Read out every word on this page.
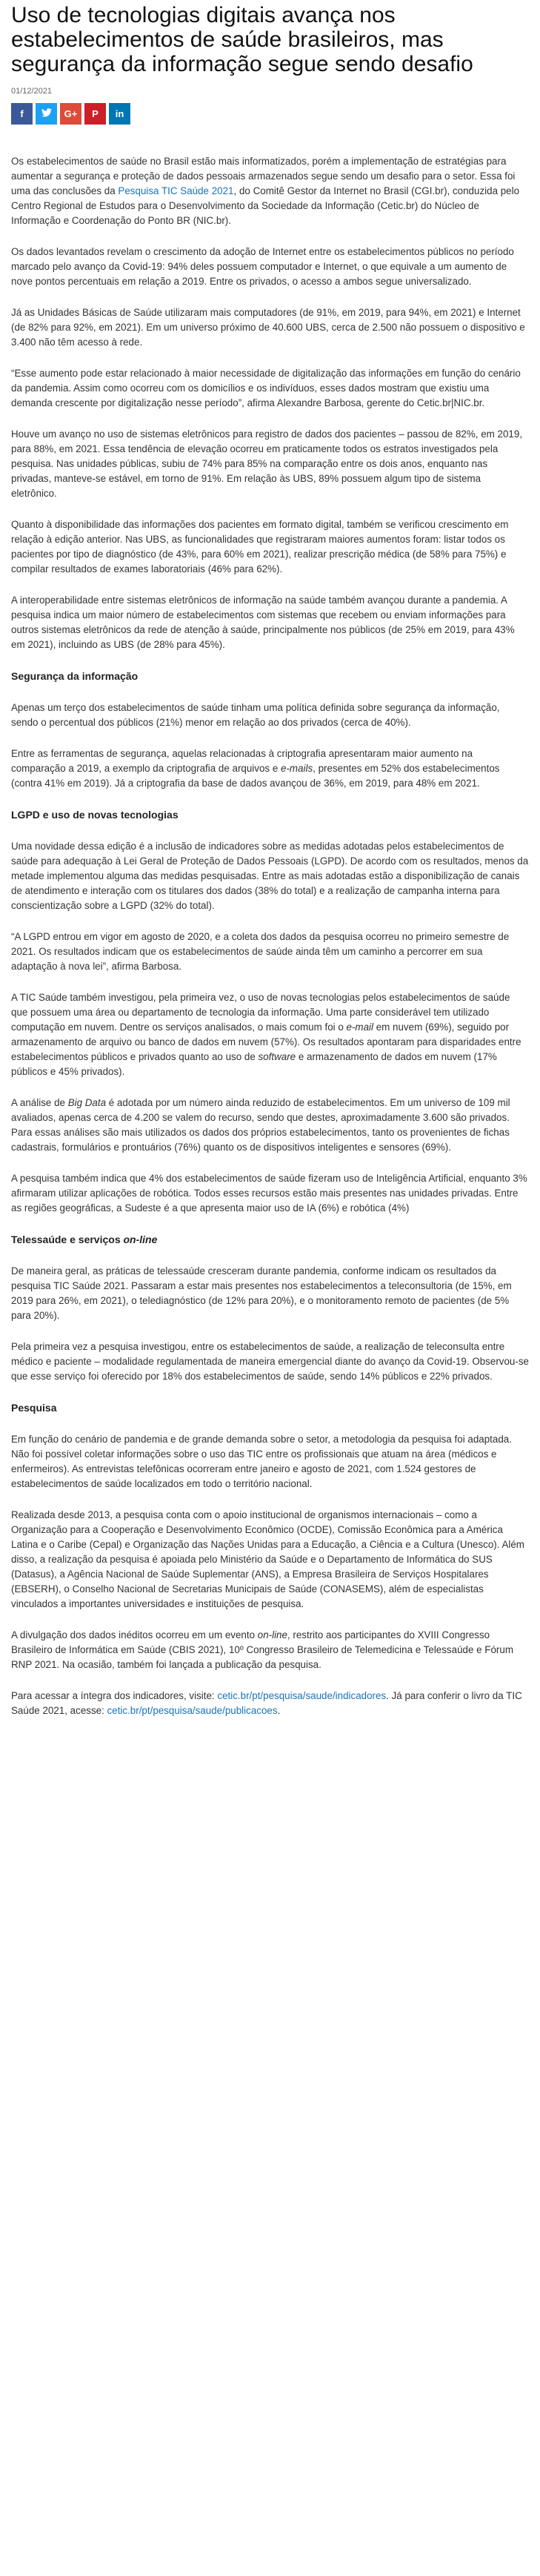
Uso de tecnologias digitais avança nos estabelecimentos de saúde brasileiros, mas segurança da informação segue sendo desafio
01/12/2021
f	G+ P in

Os estabelecimentos de saúde no Brasil estão mais informatizados, porém a implementação de estratégias para aumentar a segurança e proteção de dados pessoais armazenados segue sendo um desafio para o setor. Essa foi uma das conclusões da Pesquisa TIC Saúde 2021, do Comitê Gestor da Internet no Brasil (CGI.br), conduzida pelo Centro Regional de Estudos para o Desenvolvimento da Sociedade da Informação (Cetic.br) do Núcleo de Informação e Coordenação do Ponto BR (NIC.br).

Os dados levantados revelam o crescimento da adoção de Internet entre os estabelecimentos públicos no período marcado pelo avanço da Covid-19: 94% deles possuem computador e Internet, o que equivale a um aumento de nove pontos percentuais em relação a 2019. Entre os privados, o acesso a ambos segue universalizado.

Já as Unidades Básicas de Saúde utilizaram mais computadores (de 91%, em 2019, para 94%, em 2021) e Internet (de 82% para 92%, em 2021). Em um universo próximo de 40.600 UBS, cerca de 2.500 não possuem o dispositivo e 3.400 não têm acesso à rede.

“Esse aumento pode estar relacionado à maior necessidade de digitalização das informações em função do cenário da pandemia. Assim como ocorreu com os domicílios e os indivíduos, esses dados mostram que existiu uma demanda crescente por digitalização nesse período”, afirma Alexandre Barbosa, gerente do Cetic.br|NIC.br.

Houve um avanço no uso de sistemas eletrônicos para registro de dados dos pacientes – passou de 82%, em 2019, para 88%, em 2021. Essa tendência de elevação ocorreu em praticamente todos os estratos investigados pela pesquisa. Nas unidades públicas, subiu de 74% para 85% na comparação entre os dois anos, enquanto nas privadas, manteve-se estável, em torno de 91%. Em relação às UBS, 89% possuem algum tipo de sistema eletrônico.

Quanto à disponibilidade das informações dos pacientes em formato digital, também se verificou crescimento em relação à edição anterior. Nas UBS, as funcionalidades que registraram maiores aumentos foram: listar todos os pacientes por tipo de diagnóstico (de 43%, para 60% em 2021), realizar prescrição médica (de 58% para 75%) e compilar resultados de exames laboratoriais (46% para 62%).

A interoperabilidade entre sistemas eletrônicos de informação na saúde também avançou durante a pandemia. A pesquisa indica um maior número de estabelecimentos com sistemas que recebem ou enviam informações para outros sistemas eletrônicos da rede de atenção à saúde, principalmente nos públicos (de 25% em 2019, para 43% em 2021), incluindo as UBS (de 28% para 45%).

Segurança da informação

Apenas um terço dos estabelecimentos de saúde tinham uma política definida sobre segurança da informação, sendo o percentual dos públicos (21%) menor em relação ao dos privados (cerca de 40%).

Entre as ferramentas de segurança, aquelas relacionadas à criptografia apresentaram maior aumento na comparação a 2019, a exemplo da criptografia de arquivos e e-mails, presentes em 52% dos estabelecimentos (contra 41% em 2019). Já a criptografia da base de dados avançou de 36%, em 2019, para 48% em 2021.

LGPD e uso de novas tecnologias

Uma novidade dessa edição é a inclusão de indicadores sobre as medidas adotadas pelos estabelecimentos de saúde para adequação à Lei Geral de Proteção de Dados Pessoais (LGPD). De acordo com os resultados, menos da metade implementou alguma das medidas pesquisadas. Entre as mais adotadas estão a disponibilização de canais de atendimento e interação com os titulares dos dados (38% do total) e a realização de campanha interna para conscientização sobre a LGPD (32% do total).

“A LGPD entrou em vigor em agosto de 2020, e a coleta dos dados da pesquisa ocorreu no primeiro semestre de 2021. Os resultados indicam que os estabelecimentos de saúde ainda têm um caminho a percorrer em sua adaptação à nova lei”, afirma Barbosa.

A TIC Saúde também investigou, pela primeira vez, o uso de novas tecnologias pelos estabelecimentos de saúde que possuem uma área ou departamento de tecnologia da informação. Uma parte considerável tem utilizado computação em nuvem. Dentre os serviços analisados, o mais comum foi o e-mail em nuvem (69%), seguido por armazenamento de arquivo ou banco de dados em nuvem (57%). Os resultados apontaram para disparidades entre estabelecimentos públicos e privados quanto ao uso de software e armazenamento de dados em nuvem (17% públicos e 45% privados).

A análise de Big Data é adotada por um número ainda reduzido de estabelecimentos. Em um universo de 109 mil avaliados, apenas cerca de 4.200 se valem do recurso, sendo que destes, aproximadamente 3.600 são privados. Para essas análises são mais utilizados os dados dos próprios estabelecimentos, tanto os provenientes de fichas cadastrais, formulários e prontuários (76%) quanto os de dispositivos inteligentes e sensores (69%).

A pesquisa também indica que 4% dos estabelecimentos de saúde fizeram uso de Inteligência Artificial, enquanto 3% afirmaram utilizar aplicações de robótica. Todos esses recursos estão mais presentes nas unidades privadas. Entre as regiões geográficas, a Sudeste é a que apresenta maior uso de IA (6%) e robótica (4%)

Telessaúde e serviços on-line

De maneira geral, as práticas de telessaúde cresceram durante pandemia, conforme indicam os resultados da pesquisa TIC Saúde 2021. Passaram a estar mais presentes nos estabelecimentos a teleconsultoria (de 15%, em 2019 para 26%, em 2021), o telediagnóstico (de 12% para 20%), e o monitoramento remoto de pacientes (de 5% para 20%).

Pela primeira vez a pesquisa investigou, entre os estabelecimentos de saúde, a realização de teleconsulta entre médico e paciente – modalidade regulamentada de maneira emergencial diante do avanço da Covid-19. Observou-se que esse serviço foi oferecido por 18% dos estabelecimentos de saúde, sendo 14% públicos e 22% privados.

Pesquisa

Em função do cenário de pandemia e de grande demanda sobre o setor, a metodologia da pesquisa foi adaptada. Não foi possível coletar informações sobre o uso das TIC entre os profissionais que atuam na área (médicos e enfermeiros). As entrevistas telefônicas ocorreram entre janeiro e agosto de 2021, com 1.524 gestores de estabelecimentos de saúde localizados em todo o território nacional.

Realizada desde 2013, a pesquisa conta com o apoio institucional de organismos internacionais – como a Organização para a Cooperação e Desenvolvimento Econômico (OCDE), Comissão Econômica para a América Latina e o Caribe (Cepal) e Organização das Nações Unidas para a Educação, a Ciência e a Cultura (Unesco). Além disso, a realização da pesquisa é apoiada pelo Ministério da Saúde e o Departamento de Informática do SUS (Datasus), a Agência Nacional de Saúde Suplementar (ANS), a Empresa Brasileira de Serviços Hospitalares (EBSERH), o Conselho Nacional de Secretarias Municipais de Saúde (CONASEMS), além de especialistas vinculados a importantes universidades e instituições de pesquisa.

A divulgação dos dados inéditos ocorreu em um evento on-line, restrito aos participantes do XVIII Congresso Brasileiro de Informática em Saúde (CBIS 2021), 10º Congresso Brasileiro de Telemedicina e Telessaúde e Fórum RNP 2021. Na ocasião, também foi lançada a publicação da pesquisa.

Para acessar a íntegra dos indicadores, visite: cetic.br/pt/pesquisa/saude/indicadores. Já para conferir o livro da TIC Saúde 2021, acesse: cetic.br/pt/pesquisa/saude/publicacoes.
